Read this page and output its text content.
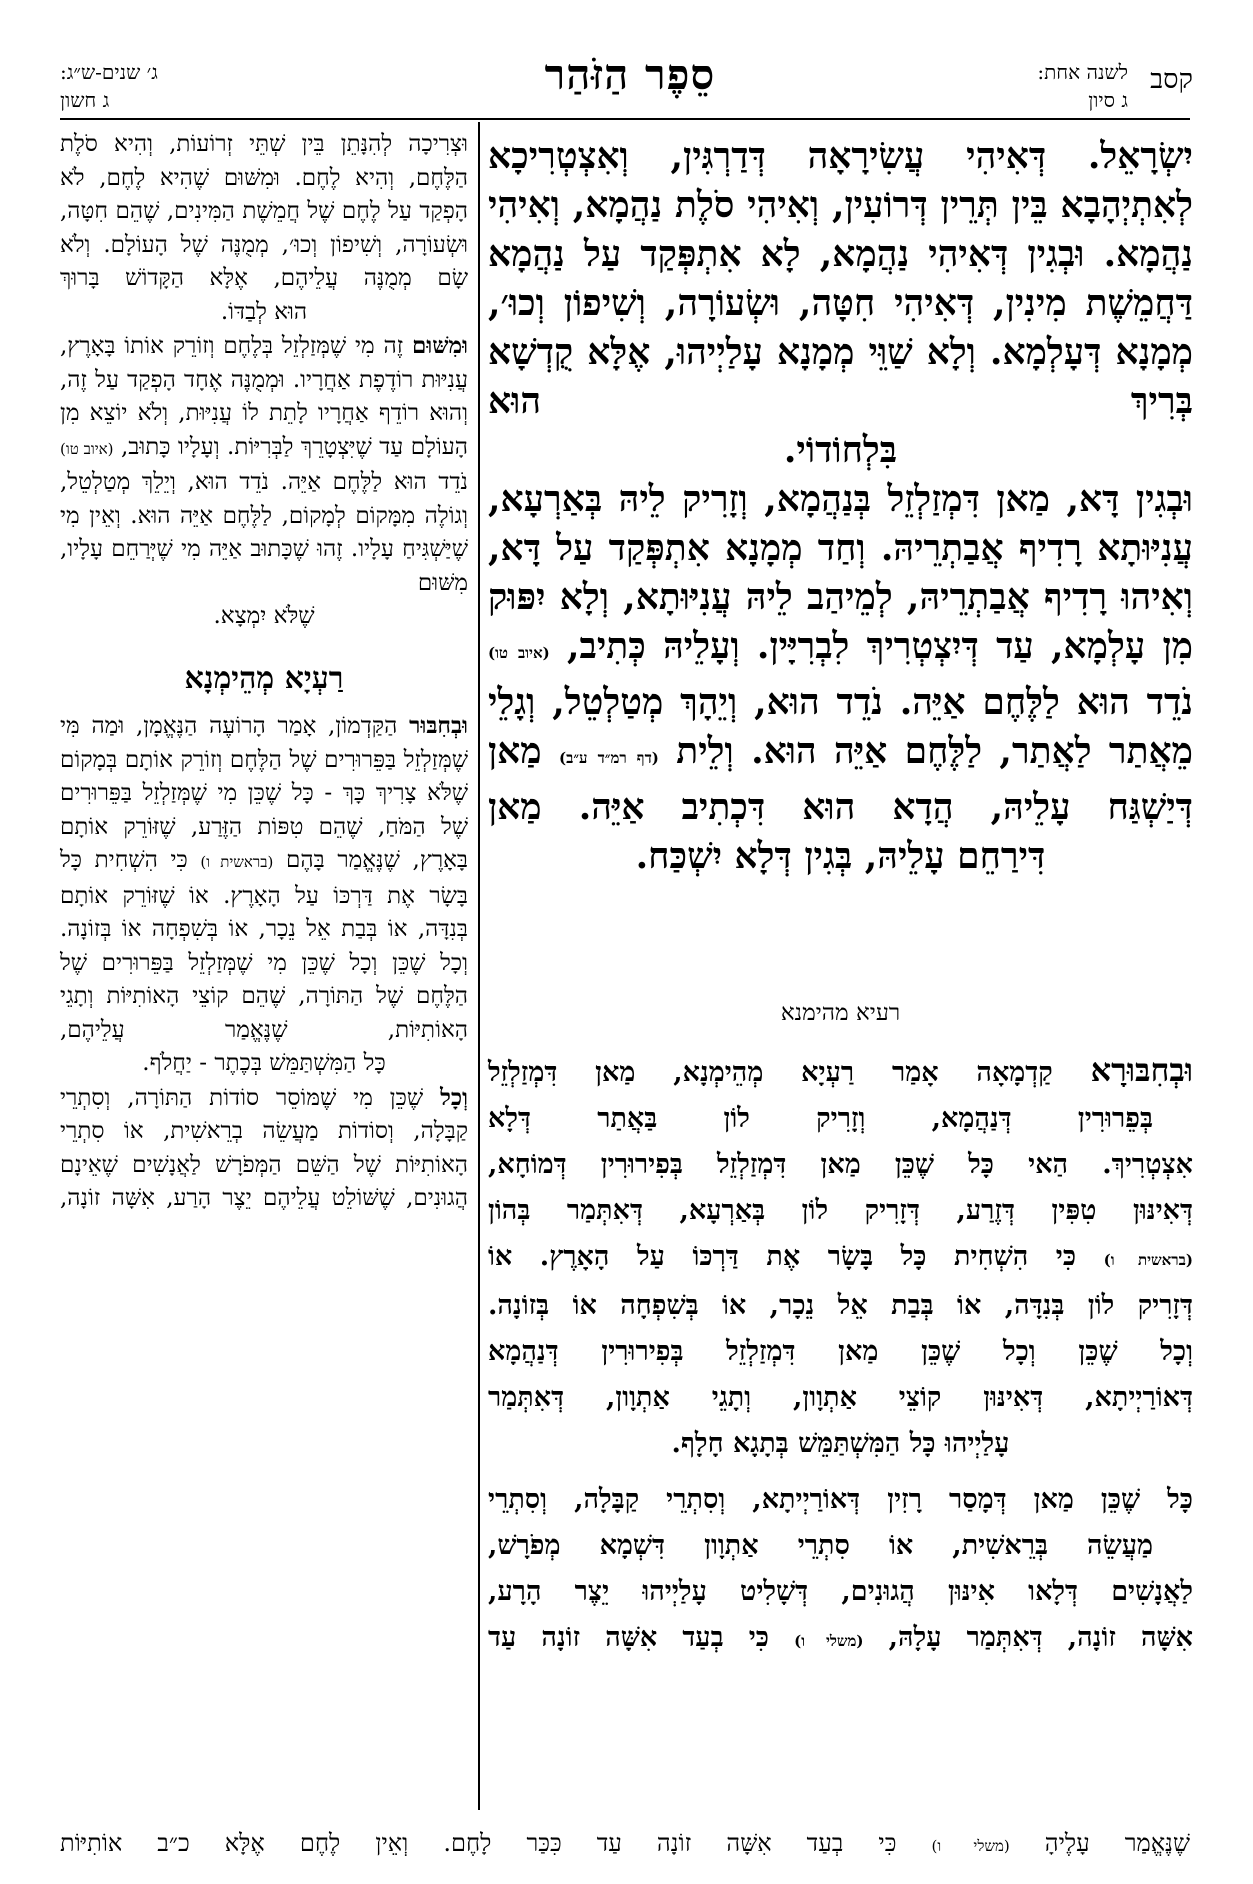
קסב
לשנה אחת:
ג סיון
סֵפֶר הַזֹּהַר
ג׳ שנים-ש״ג:
ג חשון

יִשְׂרָאֵל. דְּאִיהִי עֲשִׂירָאָה דְּדַרְגִּין, וְאִצְטְרִיכָא לְאִתְיְהָבָא בֵּין תְּרֵין דְּרוֹעִין, וְאִיהִי סֹלֶת נַהֲמָא, וְאִיהִי נַהֲמָא. וּבְגִין דְּאִיהִי נַהֲמָא, לָא אִתְפְּקַד עַל נַהֲמָא דַּחֲמֵשֶׁת מִינִין, דְּאִיהִי חִטָּה, וּשְׂעוֹרָה, וְשִׁיפוֹן וְכוּ׳, מְמָנָא דְּעָלְמָא. וְלָא שַׁוֵּי מְמָנָא עָלַיְיהוּ, אֶלָּא קֻדְשָׁא בְּרִיךְ הוּא

בִּלְחוֹדוֹי.

וּבְגִין דָּא, מַאן דִּמְזַלְזֵל בְּנַהֲמָא, וְזָרִיק לֵיהּ בְּאַרְעָא, עֲנִיּוּתָא רָדִיף אֲבַתְרֵיהּ. וְחַד מְמָנָא אִתְפְּקַד עַל דָּא, וְאִיהוּ רָדִיף אֲבַתְרֵיהּ, לְמֵיהַב לֵיהּ עֲנִיּוּתָא, וְלָא יִפּוּק מִן עָלְמָא, עַד דְּיִצְטְרִיךְ לִבְרִיָּין. וְעָלֵיהּ כְּתִיב, (איוב טו) נֹדֵד הוּא לַלֶּחֶם אַיֵּה. נֹדֵד הוּא, וְיֵהָךְ מְטַלְטֵל, וְגָלֵי מֵאֲתַר לַאֲתַר, לַלֶּחֶם אַיֵּה הוּא. וְלֵית (דף רמ״ד ע״ב) מַאן דְּיַשְׁגַּח עָלֵיהּ, הֲדָא הוּא דִּכְתִיב אַיֵּה. מַאן

דִּירַחֵם עָלֵיהּ, בְּגִין דְּלָא יִשְׁכַּח.

רעיא מהימנא

וּבְחִבּוּרָא קַדְמָאָה אָמַר רַעְיָא מְהֵימְנָא, מַאן דִּמְזַלְזֵל

בְּפֵרוּרִין דְּנַהֲמָא, וְזָרִיק לוֹן בַּאֲתַר דְּלָא

אִצְטְרִיךְ. הַאי כָּל שֶׁכֵּן מַאן דִּמְזַלְזֵל בְּפִירוּרִין דְּמוֹחָא,

דְּאִינּוּן טִפִּין דְּזֶרַע, דְּזָרִיק לוֹן בְּאַרְעָא, דְּאִתְּמַר בְּהוֹן

(בראשית ו) כִּי הִשְׁחִית כָּל בָּשָׂר אֶת דַּרְכּוֹ עַל הָאָרֶץ. אוֹ

דְּזָרִיק לוֹן בְּנִדָּה, אוֹ בְּבַת אֵל נֵכָר, אוֹ בְּשִׁפְחָה אוֹ בְּזוֹנָה.

וְכָל שֶׁכֵּן וְכָל שֶׁכֵּן מַאן דִּמְזַלְזֵל בְּפִירוּרִין דְּנַהֲמָא

דְּאוֹרַיְיתָא, דְּאִינּוּן קוֹצֵי אַתְוָון, וְתָגֵי אַתְוָון, דְּאִתְּמַר

עָלַיְיהוּ כָּל הַמִּשְׁתַּמֵּשׁ בְּתָגָא חָלָף.

כָּל שֶׁכֵּן מַאן דְּמָסַר רָזִין דְּאוֹרַיְיתָא, וְסִתְרֵי קַבָּלָה, וְסִתְרֵי

מַעֲשֵׂה בְּרֵאשִׁית, אוֹ סִתְרֵי אַתְוָון דִּשְׁמָא מְפֹרָשׁ,

לַאֲנָשִׁים דְּלָאו אִינּוּן הֲגוּנִים, דְּשָׁלִיט עָלַיְיהוּ יֵצֶר הָרָע,

אִשָּׁה זוֹנָה, דְּאִתְּמַר עָלָהּ, (משלי ו) כִּי בְעַד אִשָּׁה זוֹנָה עַד

וּצְרִיכָה לְהִנָּתֵן בֵּין שְׁתֵּי זְרוֹעוֹת, וְהִיא סֹלֶת הַלֶּחֶם, וְהִיא לֶחֶם. וּמִשּׁוּם שֶׁהִיא לֶחֶם, לֹא הָפְקַד עַל לֶחֶם שֶׁל חֲמֵשֶׁת הַמִּינִים, שֶׁהֵם חִטָּה, וּשְׂעוֹרָה, וְשִׁיפוֹן וְכוּ׳, מְמֻנֶּה שֶׁל הָעוֹלָם. וְלֹא שָׂם מְמֻנֶּה עֲלֵיהֶם, אֶלָּא הַקָּדוֹשׁ בָּרוּךְ

הוּא לְבַדּוֹ.

וּמִשּׁוּם זֶה מִי שֶׁמְּזַלְזֵל בְּלֶחֶם וְזוֹרֵק אוֹתוֹ בָּאָרֶץ, עֲנִיּוּת רוֹדֶפֶת אַחֲרָיו. וּמְמֻנֶּה אֶחָד הָפְקַד עַל זֶה, וְהוּא רוֹדֵף אַחֲרָיו לָתֵת לוֹ עֲנִיּוּת, וְלֹא יוֹצֵא מִן הָעוֹלָם עַד שֶׁיִּצְטָרֵךְ לַבְּרִיּוֹת. וְעָלָיו כָּתוּב, (איוב טו) נֹדֵד הוּא לַלֶּחֶם אַיֵּה. נֹדֵד הוּא, וְיֵלֵךְ מְטַלְטֵל, וְגוֹלֶה מִמָּקוֹם לְמָקוֹם, לַלֶּחֶם אַיֵּה הוּא. וְאֵין מִי שֶׁיַּשְׁגִּיחַ עָלָיו. זֶהוּ שֶׁכָּתוּב אַיֵּה מִי שֶׁיְּרַחֵם עָלָיו, מִשּׁוּם

שֶׁלֹּא יִמְצָא.

רַעְיָא מְהֵימְנָא

וּבְחִבּוּר הַקַּדְמוֹן, אָמַר הָרוֹעֶה הַנֶּאֱמָן, וּמַה מִּי שֶׁמְּזַלְזֵל בַּפֵּרוּרִים שֶׁל הַלֶּחֶם וְזוֹרֵק אוֹתָם בְּמָקוֹם שֶׁלֹּא צָרִיךְ כָּךְ - כָּל שֶׁכֵּן מִי שֶׁמְּזַלְזֵל בַּפֵּרוּרִים שֶׁל הַמֹּחַ, שֶׁהֵם טִפּוֹת הַזֶּרַע, שֶׁזּוֹרֵק אוֹתָם בָּאָרֶץ, שֶׁנֶּאֱמַר בָּהֶם (בראשית ו) כִּי הִשְׁחִית כָּל בָּשָׂר אֶת דַּרְכּוֹ עַל הָאָרֶץ. אוֹ שֶׁזּוֹרֵק אוֹתָם בְּנִדָּה, אוֹ בְּבַת אֵל נֵכָר, אוֹ בְּשִׁפְחָה אוֹ בְּזוֹנָה. וְכָל שֶׁכֵּן וְכָל שֶׁכֵּן מִי שֶׁמְּזַלְזֵל בַּפֵּרוּרִים שֶׁל הַלֶּחֶם שֶׁל הַתּוֹרָה, שֶׁהֵם קוֹצֵי הָאוֹתִיּוֹת וְתָגֵי הָאוֹתִיּוֹת, שֶׁנֶּאֱמַר עֲלֵיהֶם,

כָּל הַמִּשְׁתַּמֵּשׁ בְּכֶתֶר - יַחֲלֹף.

וְכָל שֶׁכֵּן מִי שֶׁמּוֹסֵר סוֹדוֹת הַתּוֹרָה, וְסִתְרֵי קַבָּלָה, וְסוֹדוֹת מַעֲשֵׂה בְרֵאשִׁית, אוֹ סִתְרֵי הָאוֹתִיּוֹת שֶׁל הַשֵּׁם הַמְּפֹרָשׁ לַאֲנָשִׁים שֶׁאֵינָם הֲגוּנִים, שֶׁשּׁוֹלֵט עֲלֵיהֶם יֵצֶר הָרַע, אִשָּׁה זוֹנָה,

שֶׁנֶּאֱמַר עָלֶיהָ (משלי ו) כִּי בְעַד אִשָּׁה זוֹנָה עַד כִּכַּר לָחֶם. וְאֵין לֶחֶם אֶלָּא כ״ב אוֹתִיּוֹת
